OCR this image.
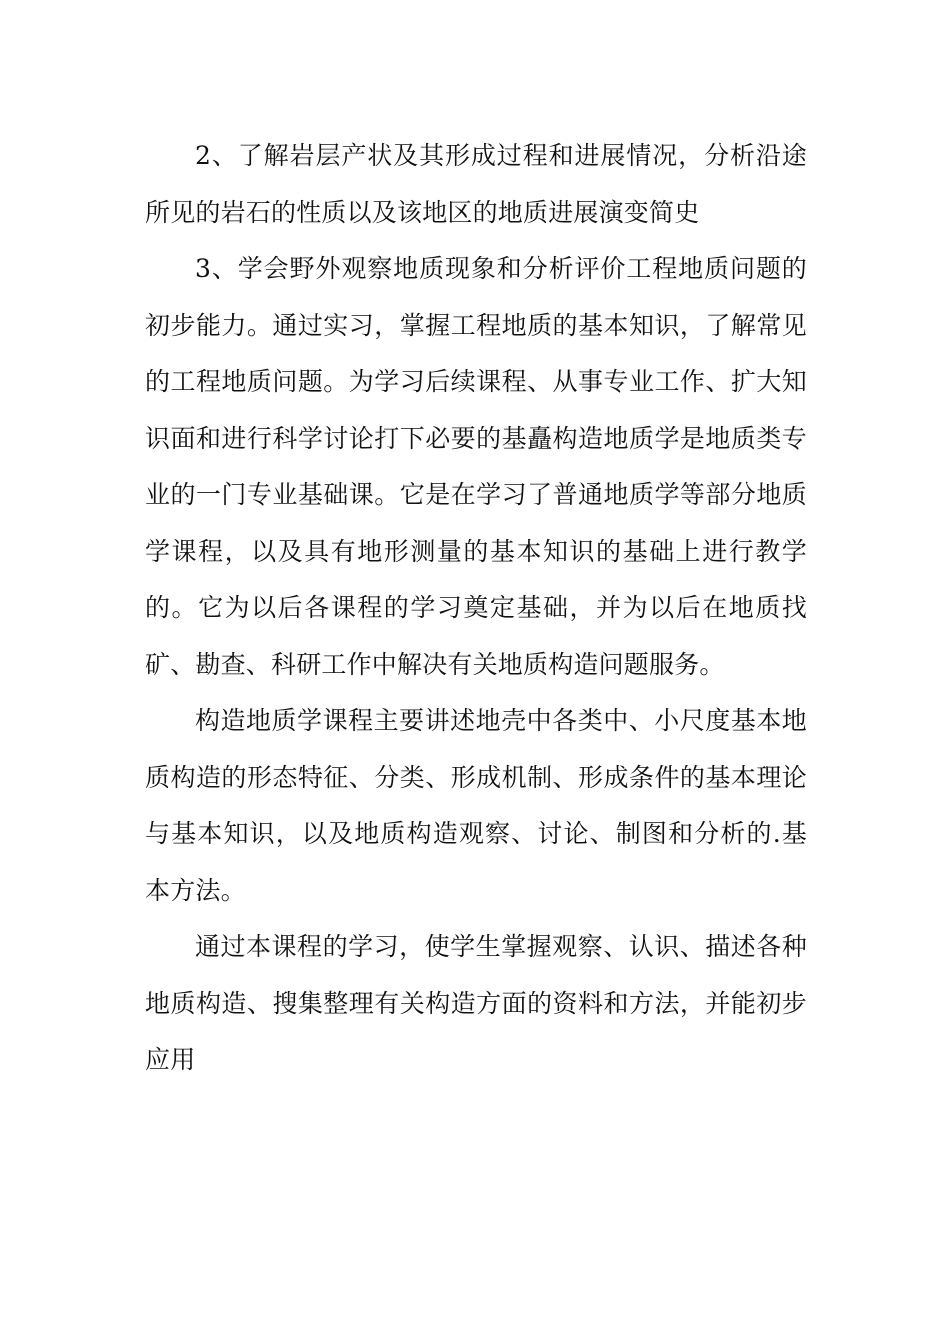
2、了解岩层产状及其形成过程和进展情况，分析沿途所见的岩石的性质以及该地区的地质进展演变简史

3、学会野外观察地质现象和分析评价工程地质问题的初步能力。通过实习，掌握工程地质的基本知识，了解常见的工程地质问题。为学习后续课程、从事专业工作、扩大知识面和进行科学讨论打下必要的基矗构造地质学是地质类专业的一门专业基础课。它是在学习了普通地质学等部分地质学课程，以及具有地形测量的基本知识的基础上进行教学的。它为以后各课程的学习奠定基础，并为以后在地质找矿、勘查、科研工作中解决有关地质构造问题服务。

构造地质学课程主要讲述地壳中各类中、小尺度基本地质构造的形态特征、分类、形成机制、形成条件的基本理论与基本知识，以及地质构造观察、讨论、制图和分析的.基本方法。

通过本课程的学习，使学生掌握观察、认识、描述各种地质构造、搜集整理有关构造方面的资料和方法，并能初步应用
